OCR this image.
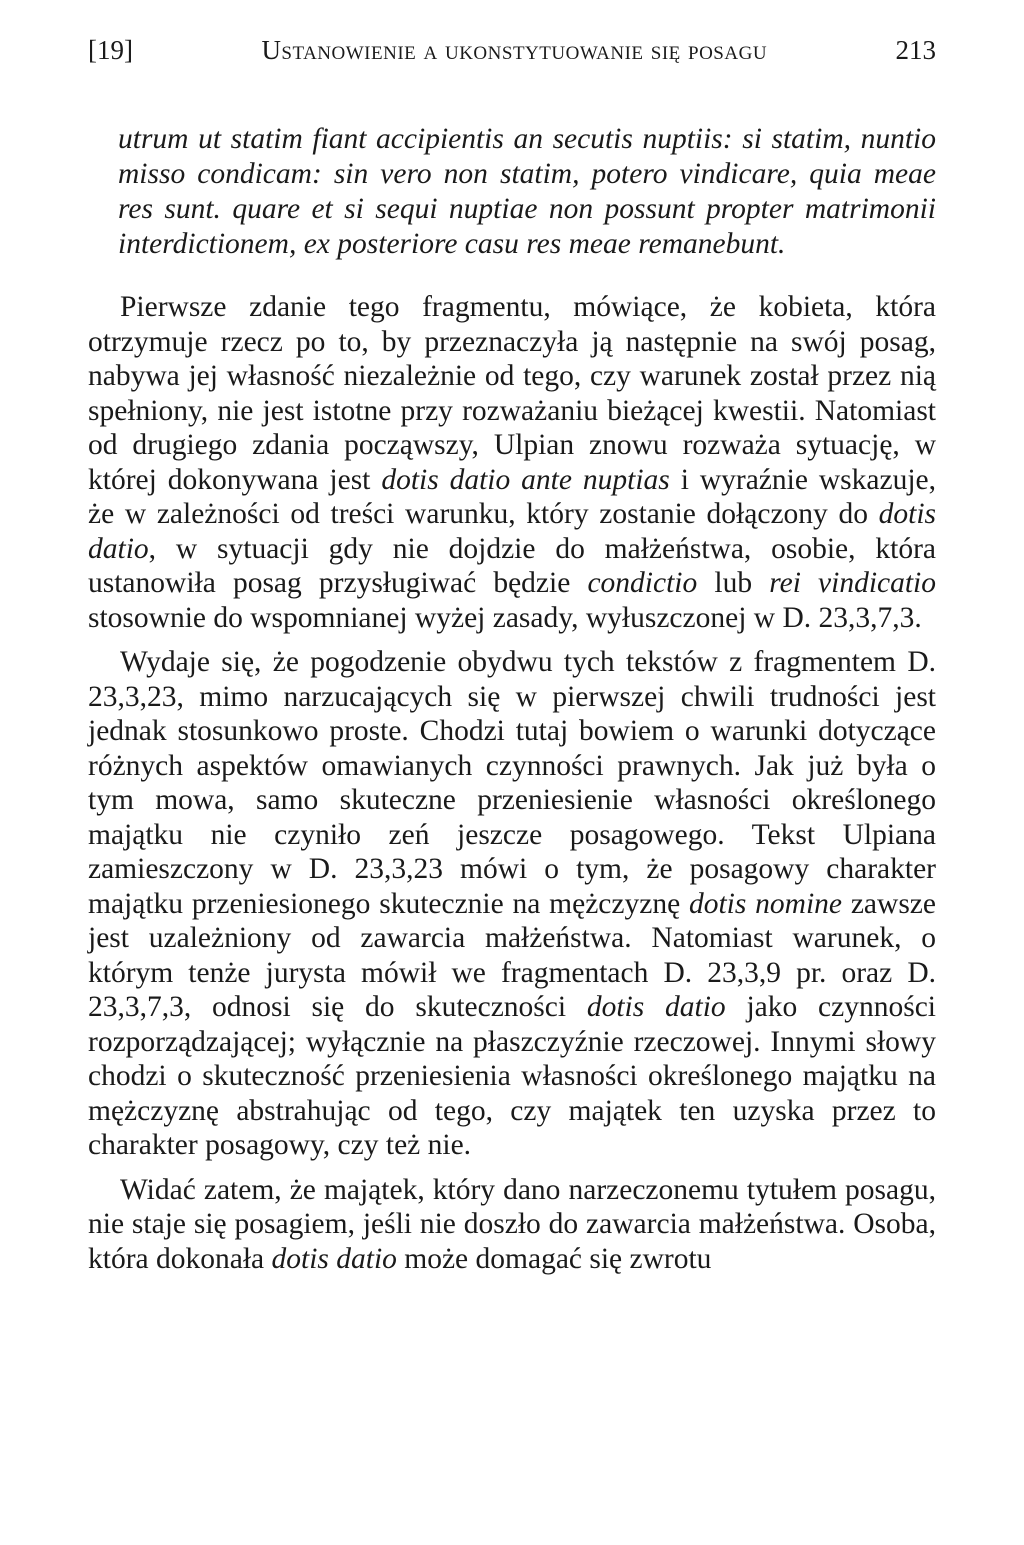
[19]	Ustanowienie a ukonstytuowanie się posagu	213
utrum ut statim fiant accipientis an secutis nuptiis: si statim, nuntio misso condicam: sin vero non statim, potero vindicare, quia meae res sunt. quare et si sequi nuptiae non possunt propter matrimonii interdictionem, ex posteriore casu res meae remanebunt.

Pierwsze zdanie tego fragmentu, mówiące, że kobieta, która otrzymuje rzecz po to, by przeznaczyła ją następnie na swój posag, nabywa jej własność niezależnie od tego, czy warunek został przez nią spełniony, nie jest istotne przy rozważaniu bieżącej kwestii. Natomiast od drugiego zdania począwszy, Ulpian znowu rozważa sytuację, w której dokonywana jest dotis datio ante nuptias i wyraźnie wskazuje, że w zależności od treści warunku, który zostanie dołączony do dotis datio, w sytuacji gdy nie dojdzie do małżeństwa, osobie, która ustanowiła posag przysługiwać będzie condictio lub rei vindicatio stosownie do wspomnianej wyżej zasady, wyłuszczonej w D. 23,3,7,3.

Wydaje się, że pogodzenie obydwu tych tekstów z fragmentem D. 23,3,23, mimo narzucających się w pierwszej chwili trudności jest jednak stosunkowo proste. Chodzi tutaj bowiem o warunki dotyczące różnych aspektów omawianych czynności prawnych. Jak już była o tym mowa, samo skuteczne przeniesienie własności określonego majątku nie czyniło zeń jeszcze posagowego. Tekst Ulpiana zamieszczony w D. 23,3,23 mówi o tym, że posagowy charakter majątku przeniesionego skutecznie na mężczyznę dotis nomine zawsze jest uzależniony od zawarcia małżeństwa. Natomiast warunek, o którym tenże jurysta mówił we fragmentach D. 23,3,9 pr. oraz D. 23,3,7,3, odnosi się do skuteczności dotis datio jako czynności rozporządzającej; wyłącznie na płaszczyźnie rzeczowej. Innymi słowy chodzi o skuteczność przeniesienia własności określonego majątku na mężczyznę abstrahując od tego, czy majątek ten uzyska przez to charakter posagowy, czy też nie.

Widać zatem, że majątek, który dano narzeczonemu tytułem posagu, nie staje się posagiem, jeśli nie doszło do zawarcia małżeństwa. Osoba, która dokonała dotis datio może domagać się zwrotu
